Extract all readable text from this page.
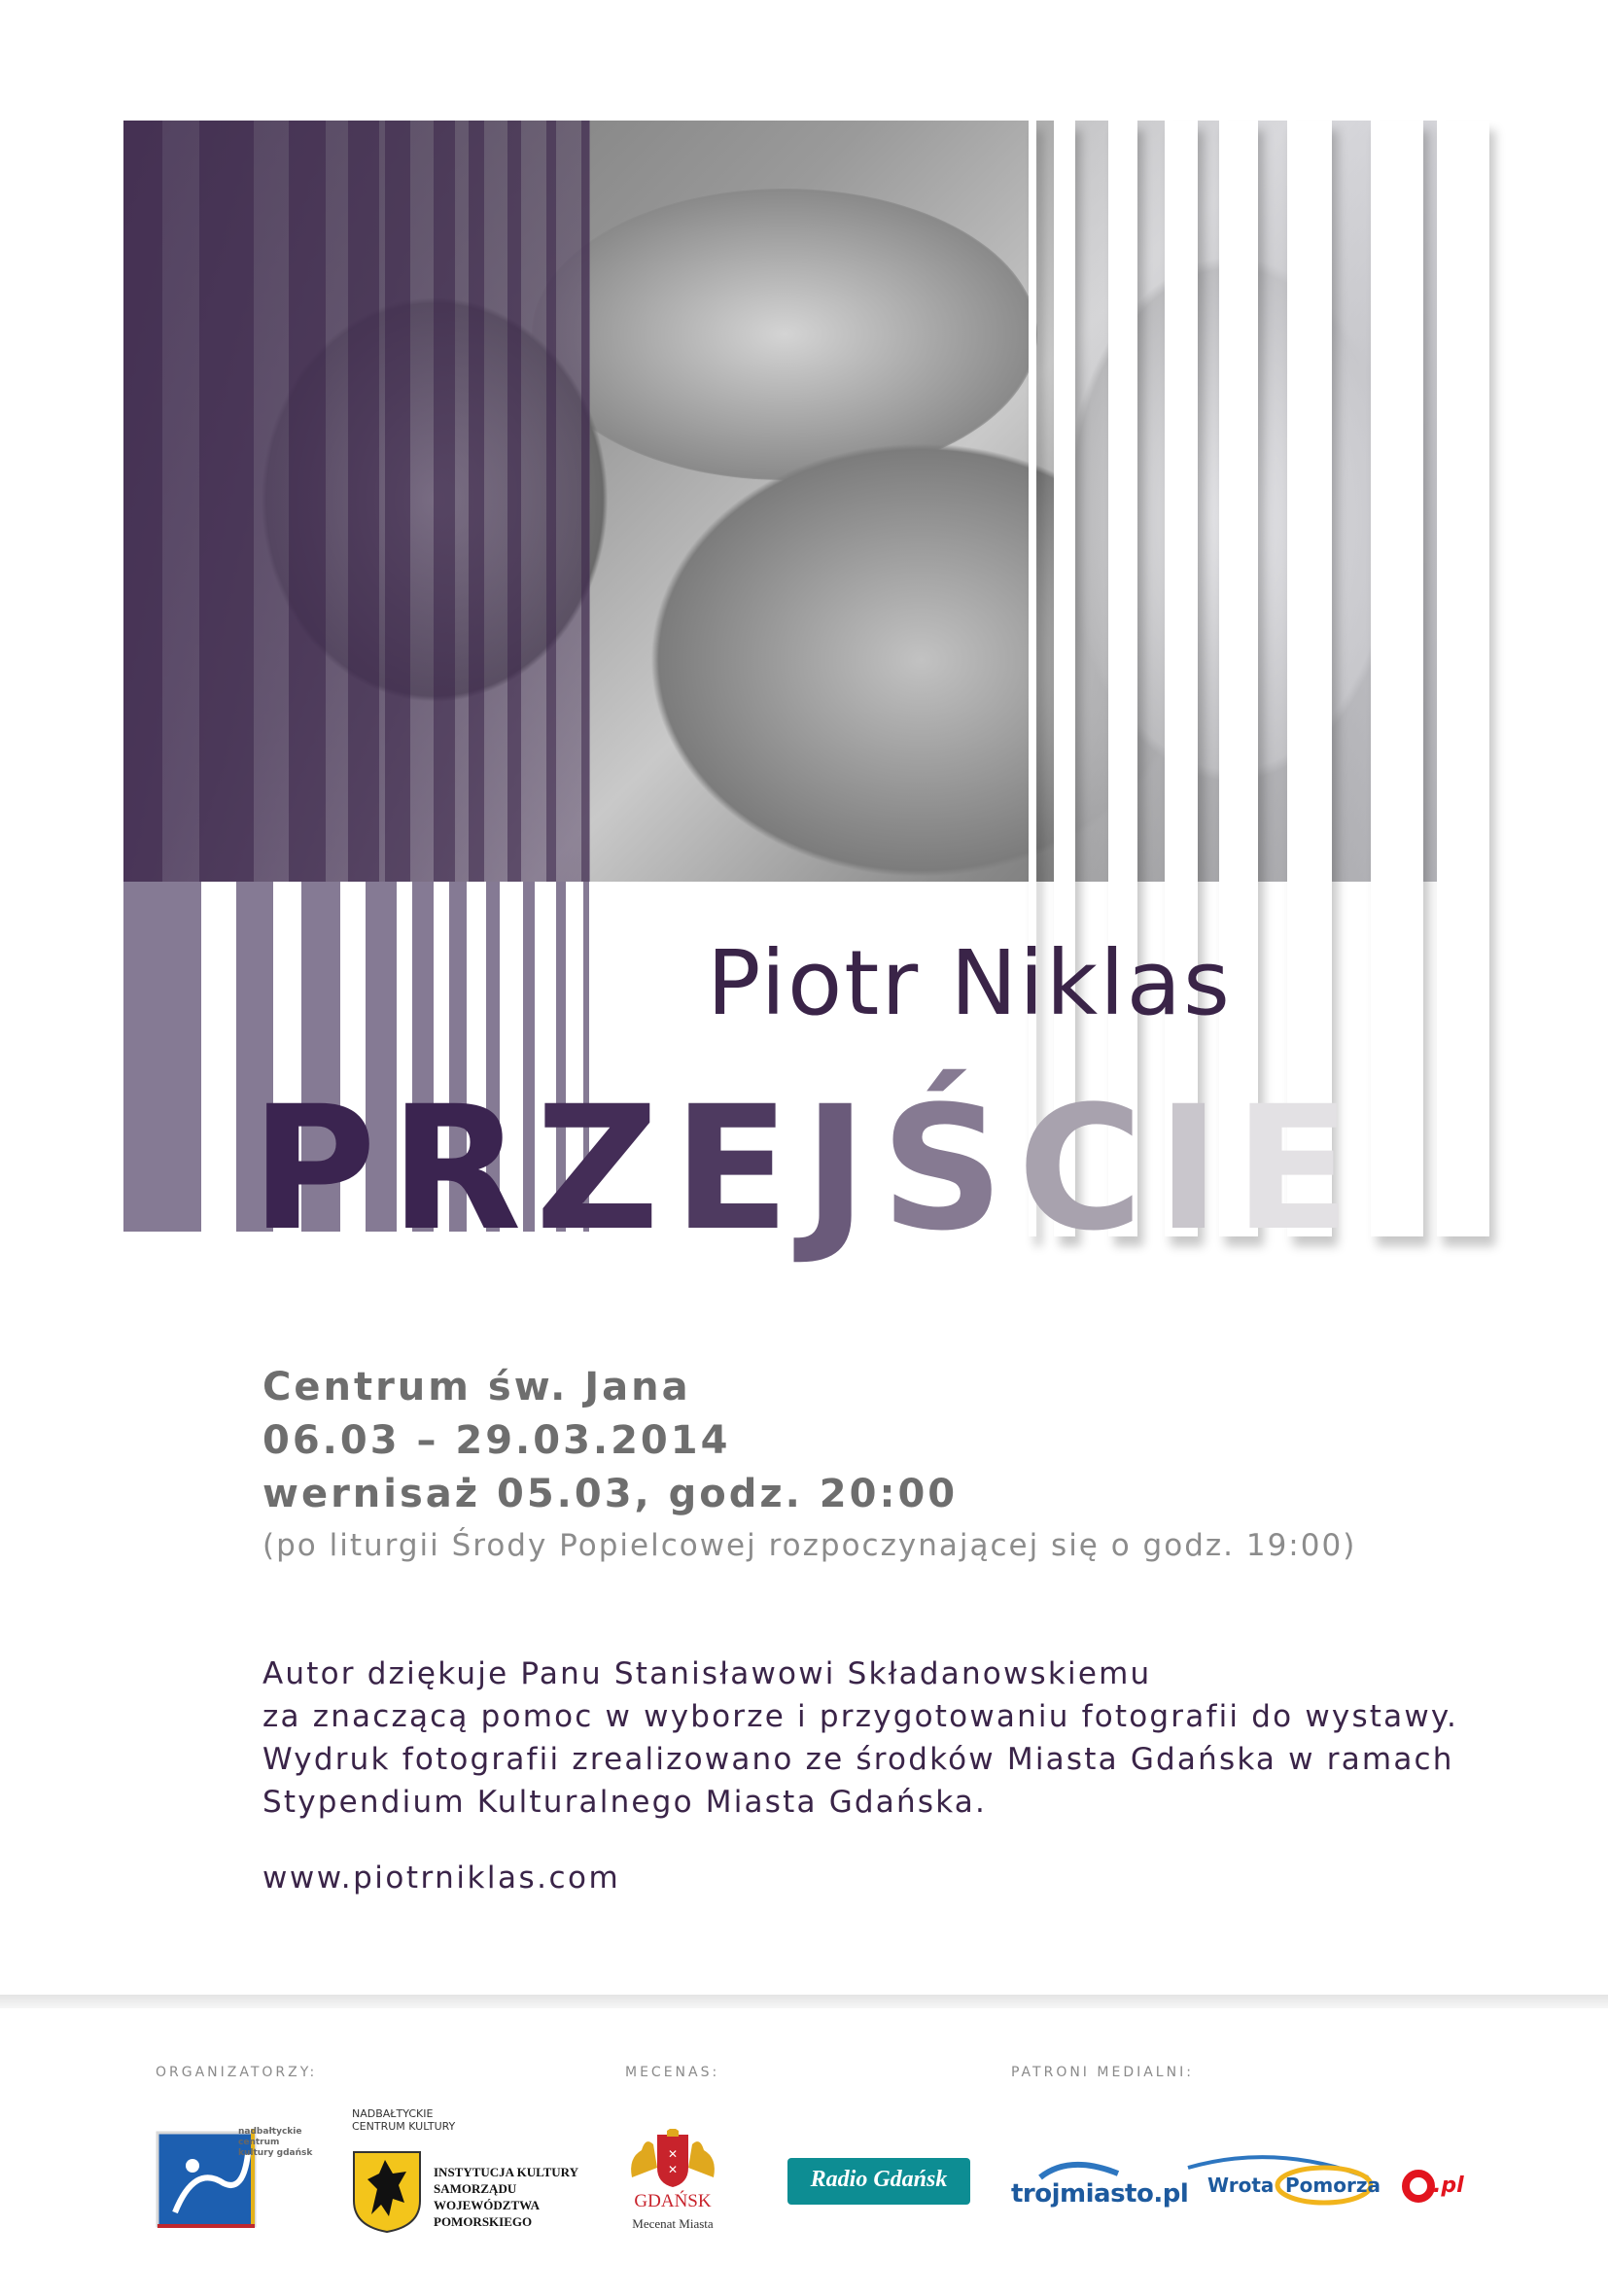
Piotr Niklas
PRZEJŚCIE
Centrum św. Jana
06.03 – 29.03.2014
wernisaż 05.03, godz. 20:00
(po liturgii Środy Popielcowej rozpoczynającej się o godz. 19:00)
Autor dziękuje Panu Stanisławowi Składanowskiemu
za znaczącą pomoc w wyborze i przygotowaniu fotografii do wystawy.
Wydruk fotografii zrealizowano ze środków Miasta Gdańska w ramach
Stypendium Kulturalnego Miasta Gdańska.
www.piotrniklas.com
ORGANIZATORZY:	MECENAS:	PATRONI MEDIALNI:
nadbałtyckie centrum kultury gdańsk
NADBAŁTYCKIE
CENTRUM KULTURY
INSTYTUCJA KULTURY
SAMORZĄDU
WOJEWÓDZTWA
POMORSKIEGO
✕
✕
GDAŃSK
Mecenat Miasta
Radio Gdańsk	trojmiasto.pl Wrota Pomorza .pl
